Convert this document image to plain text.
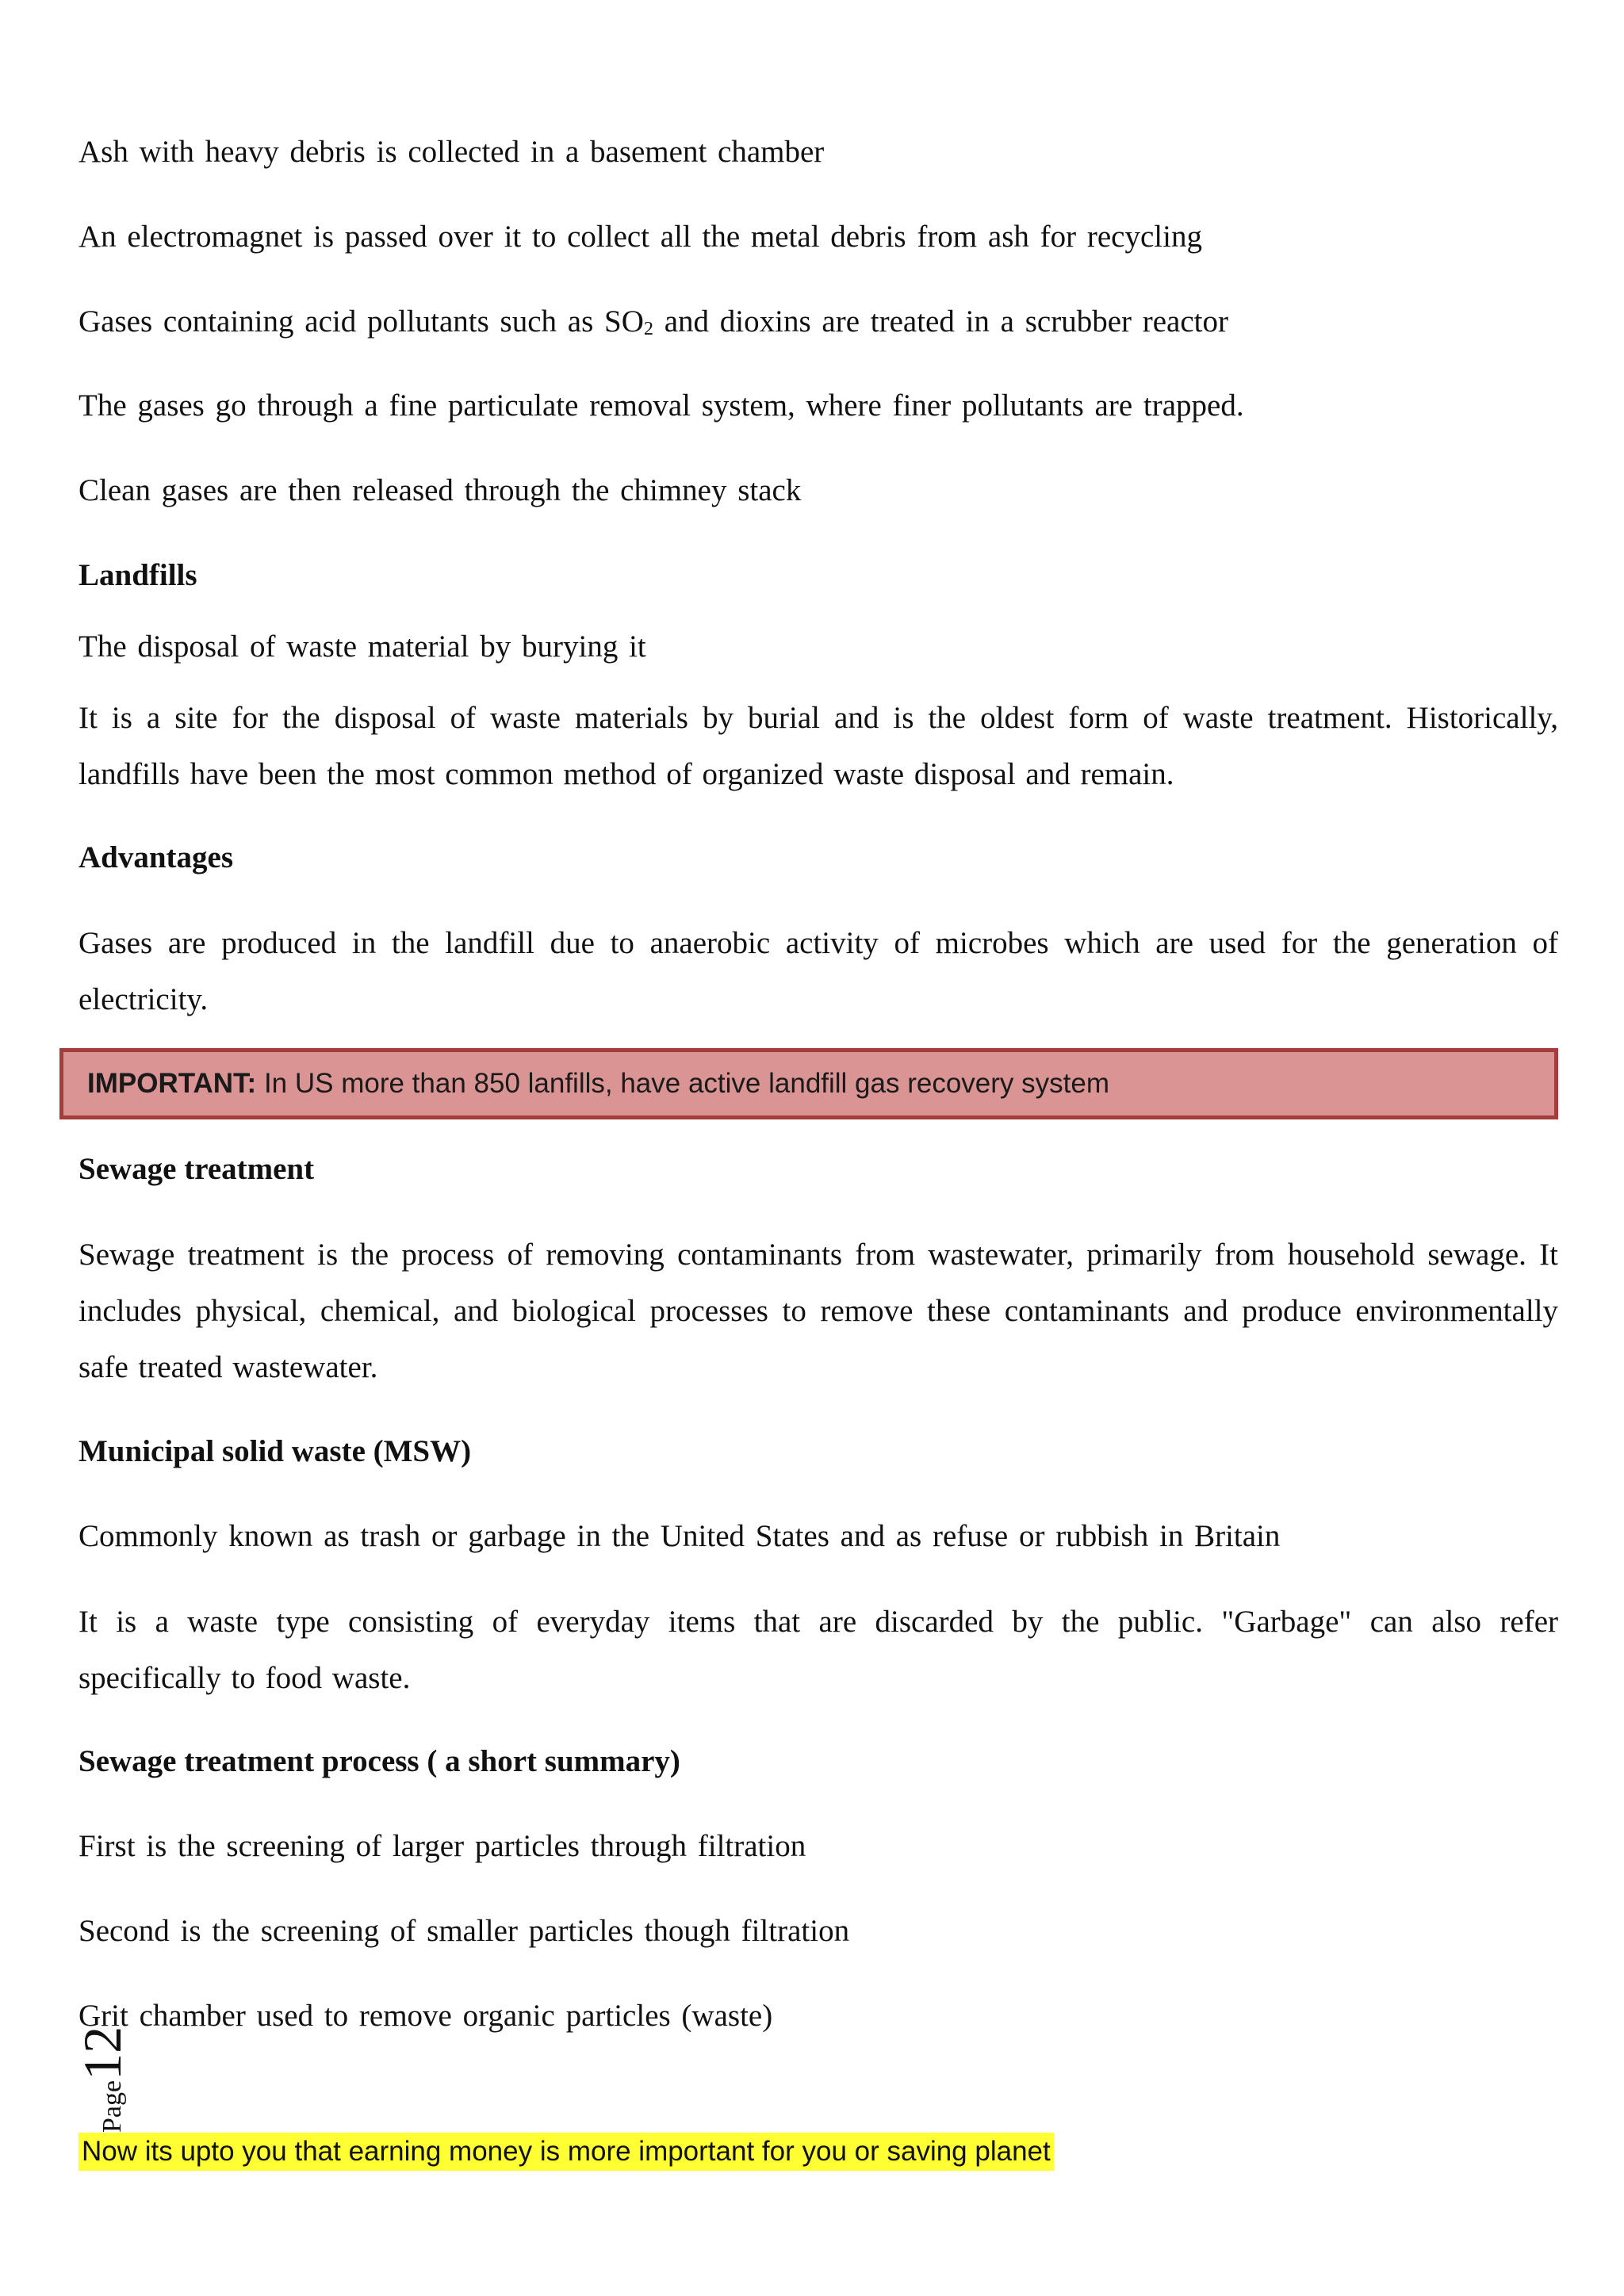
Ash with heavy debris is collected in a basement chamber
An electromagnet is passed over it to collect all the metal debris from ash for recycling
Gases containing acid pollutants such as $SO_2$ and dioxins are treated in a scrubber reactor
The gases go through a fine particulate removal system, where finer pollutants are trapped.
Clean gases are then released through the chimney stack
Landfills
The disposal of waste material by burying it
It is a site for the disposal of waste materials by burial and is the oldest form of waste treatment. Historically, landfills have been the most common method of organized waste disposal and remain.
Advantages
Gases are produced in the landfill due to anaerobic activity of microbes which are used for the generation of electricity.
Sewage treatment
Sewage treatment is the process of removing contaminants from wastewater, primarily from household sewage. It includes physical, chemical, and biological processes to remove these contaminants and produce environmentally safe treated wastewater.
Municipal solid waste (MSW)
Commonly known as trash or garbage in the United States and as refuse or rubbish in Britain
It is a waste type consisting of everyday items that are discarded by the public. "Garbage" can also refer specifically to food waste.
Sewage treatment process ( a short summary)
First is the screening of larger particles through filtration
Second is the screening of smaller particles though filtration
Grit chamber used to remove organic particles (waste)
IMPORTANT: In US more than 850 lanfills, have active landfill gas recovery system
Now its upto you that earning money is more important for you or saving planet
Page12
